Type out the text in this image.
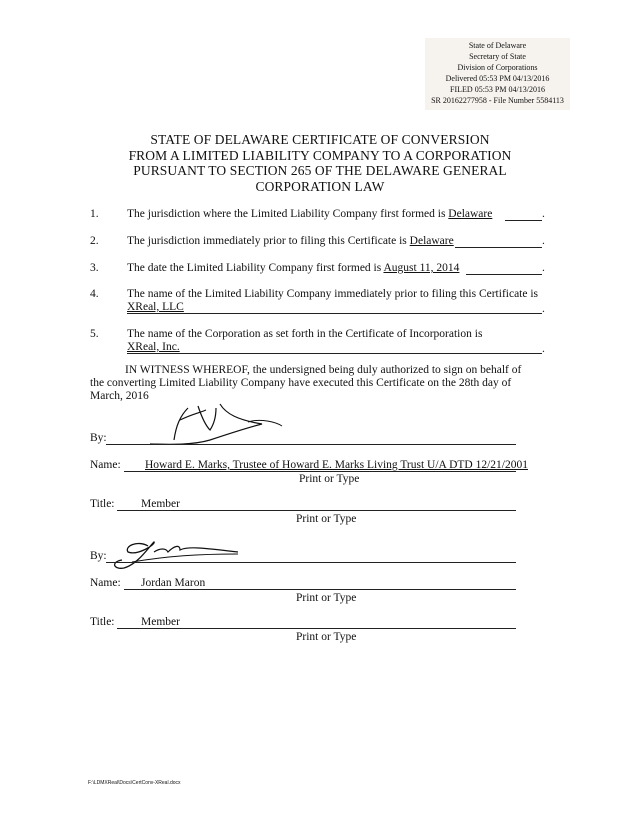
State of Delaware
Secretary of State
Division of Corporations
Delivered 05:53 PM 04/13/2016
FILED 05:53 PM 04/13/2016
SR 20162277958 - File Number 5584113
STATE OF DELAWARE CERTIFICATE OF CONVERSION
FROM A LIMITED LIABILITY COMPANY TO A CORPORATION
PURSUANT TO SECTION 265 OF THE DELAWARE GENERAL
CORPORATION LAW
1. The jurisdiction where the Limited Liability Company first formed is Delaware	.
2. The jurisdiction immediately prior to filing this Certificate is Delaware	.
3. The date the Limited Liability Company first formed is August 11, 2014	.
4. The name of the Limited Liability Company immediately prior to filing this Certificate is
XReal, LLC	.
5. The name of the Corporation as set forth in the Certificate of Incorporation is
XReal, Inc.	.
IN WITNESS WHEREOF, the undersigned being duly authorized to sign on behalf of
the converting Limited Liability Company have executed this Certificate on the 28th day of
March, 2016
By:
Name: Howard E. Marks, Trustee of Howard E. Marks Living Trust U/A DTD 12/21/2001
Print or Type
Title: Member
Print or Type
By:
Name: Jordan Maron
Print or Type
Title: Member
Print or Type
F:\LDMXReal\Docs\CertConv-XReal.docx
